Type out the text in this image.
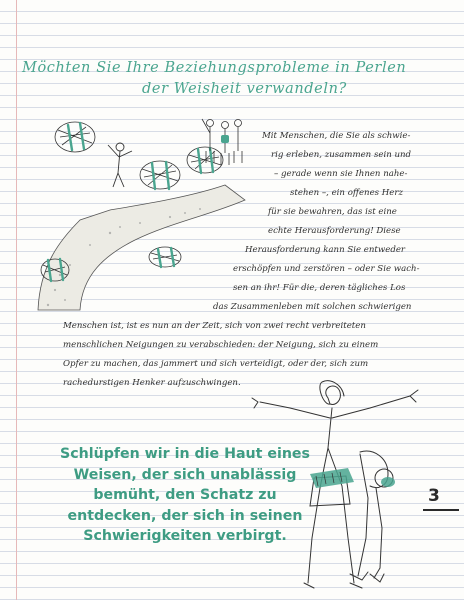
Möchten Sie Ihre Beziehungsprobleme in Perlen
der Weisheit verwandeln?
Mit Menschen, die Sie als schwie-
rig erleben, zusammen sein und
– gerade wenn sie Ihnen nahe-
stehen –, ein offenes Herz
für sie bewahren, das ist eine
echte Herausforderung! Diese
Herausforderung kann Sie entweder
erschöpfen und zerstören – oder Sie wach-
sen an ihr! Für die, deren tägliches Los
das Zusammenleben mit solchen schwierigen
Menschen ist, ist es nun an der Zeit, sich von zwei recht verbreiteten
menschlichen Neigungen zu verabschieden: der Neigung, sich zu einem
Opfer zu machen, das jammert und sich verteidigt, oder der, sich zum
rachedurstigen Henker aufzuschwingen.
Schlüpfen wir in die Haut eines
Weisen, der sich unablässig
bemüht, den Schatz zu
entdecken, der sich in seinen
Schwierigkeiten verbirgt.
3
